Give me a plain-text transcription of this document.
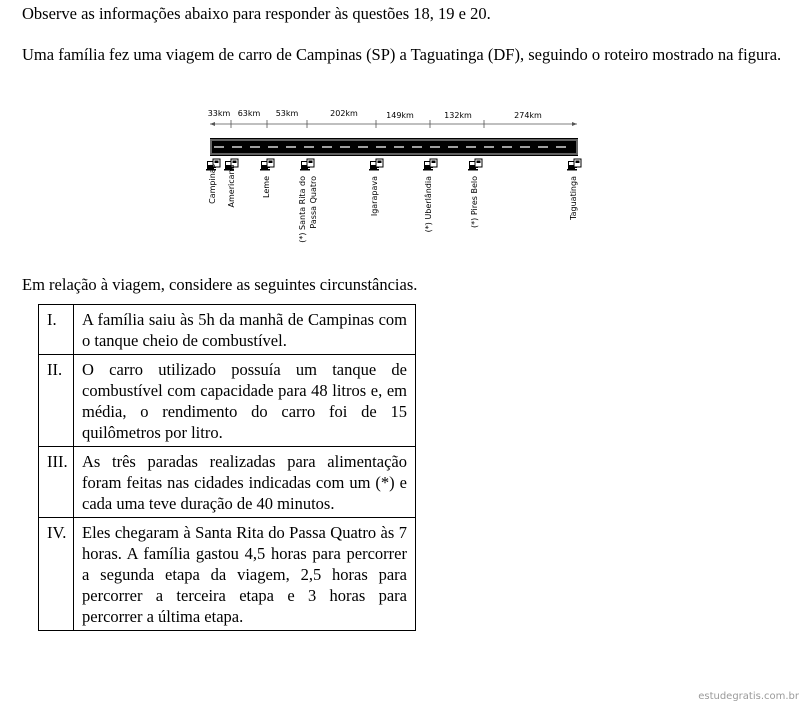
Observe as informações abaixo para responder às questões 18, 19 e 20.

Uma família fez uma viagem de carro de Campinas (SP) a Taguatinga (DF), seguindo o roteiro mostrado na figura.

33km 63km 53km	202km	149km	132km	274km
Campinas Americana	Leme	(*) Santa Rita do Passa Quatro	Igarapava	(*) Uberlândia	(*) Pires Belo	Taguatinga

Em relação à viagem, considere as seguintes circunstâncias.

I.	A família saiu às 5h da manhã de Campinas com o tanque cheio de combustível.
II.	O carro utilizado possuía um tanque de combustível com capacidade para 48 litros e, em média, o rendimento do carro foi de 15 quilômetros por litro.
III.	As três paradas realizadas para alimentação foram feitas nas cidades indicadas com um (*) e cada uma teve duração de 40 minutos.
IV.	Eles chegaram à Santa Rita do Passa Quatro às 7 horas. A família gastou 4,5 horas para percorrer a segunda etapa da viagem, 2,5 horas para percorrer a terceira etapa e 3 horas para percorrer a última etapa.
estudegratis.com.br
